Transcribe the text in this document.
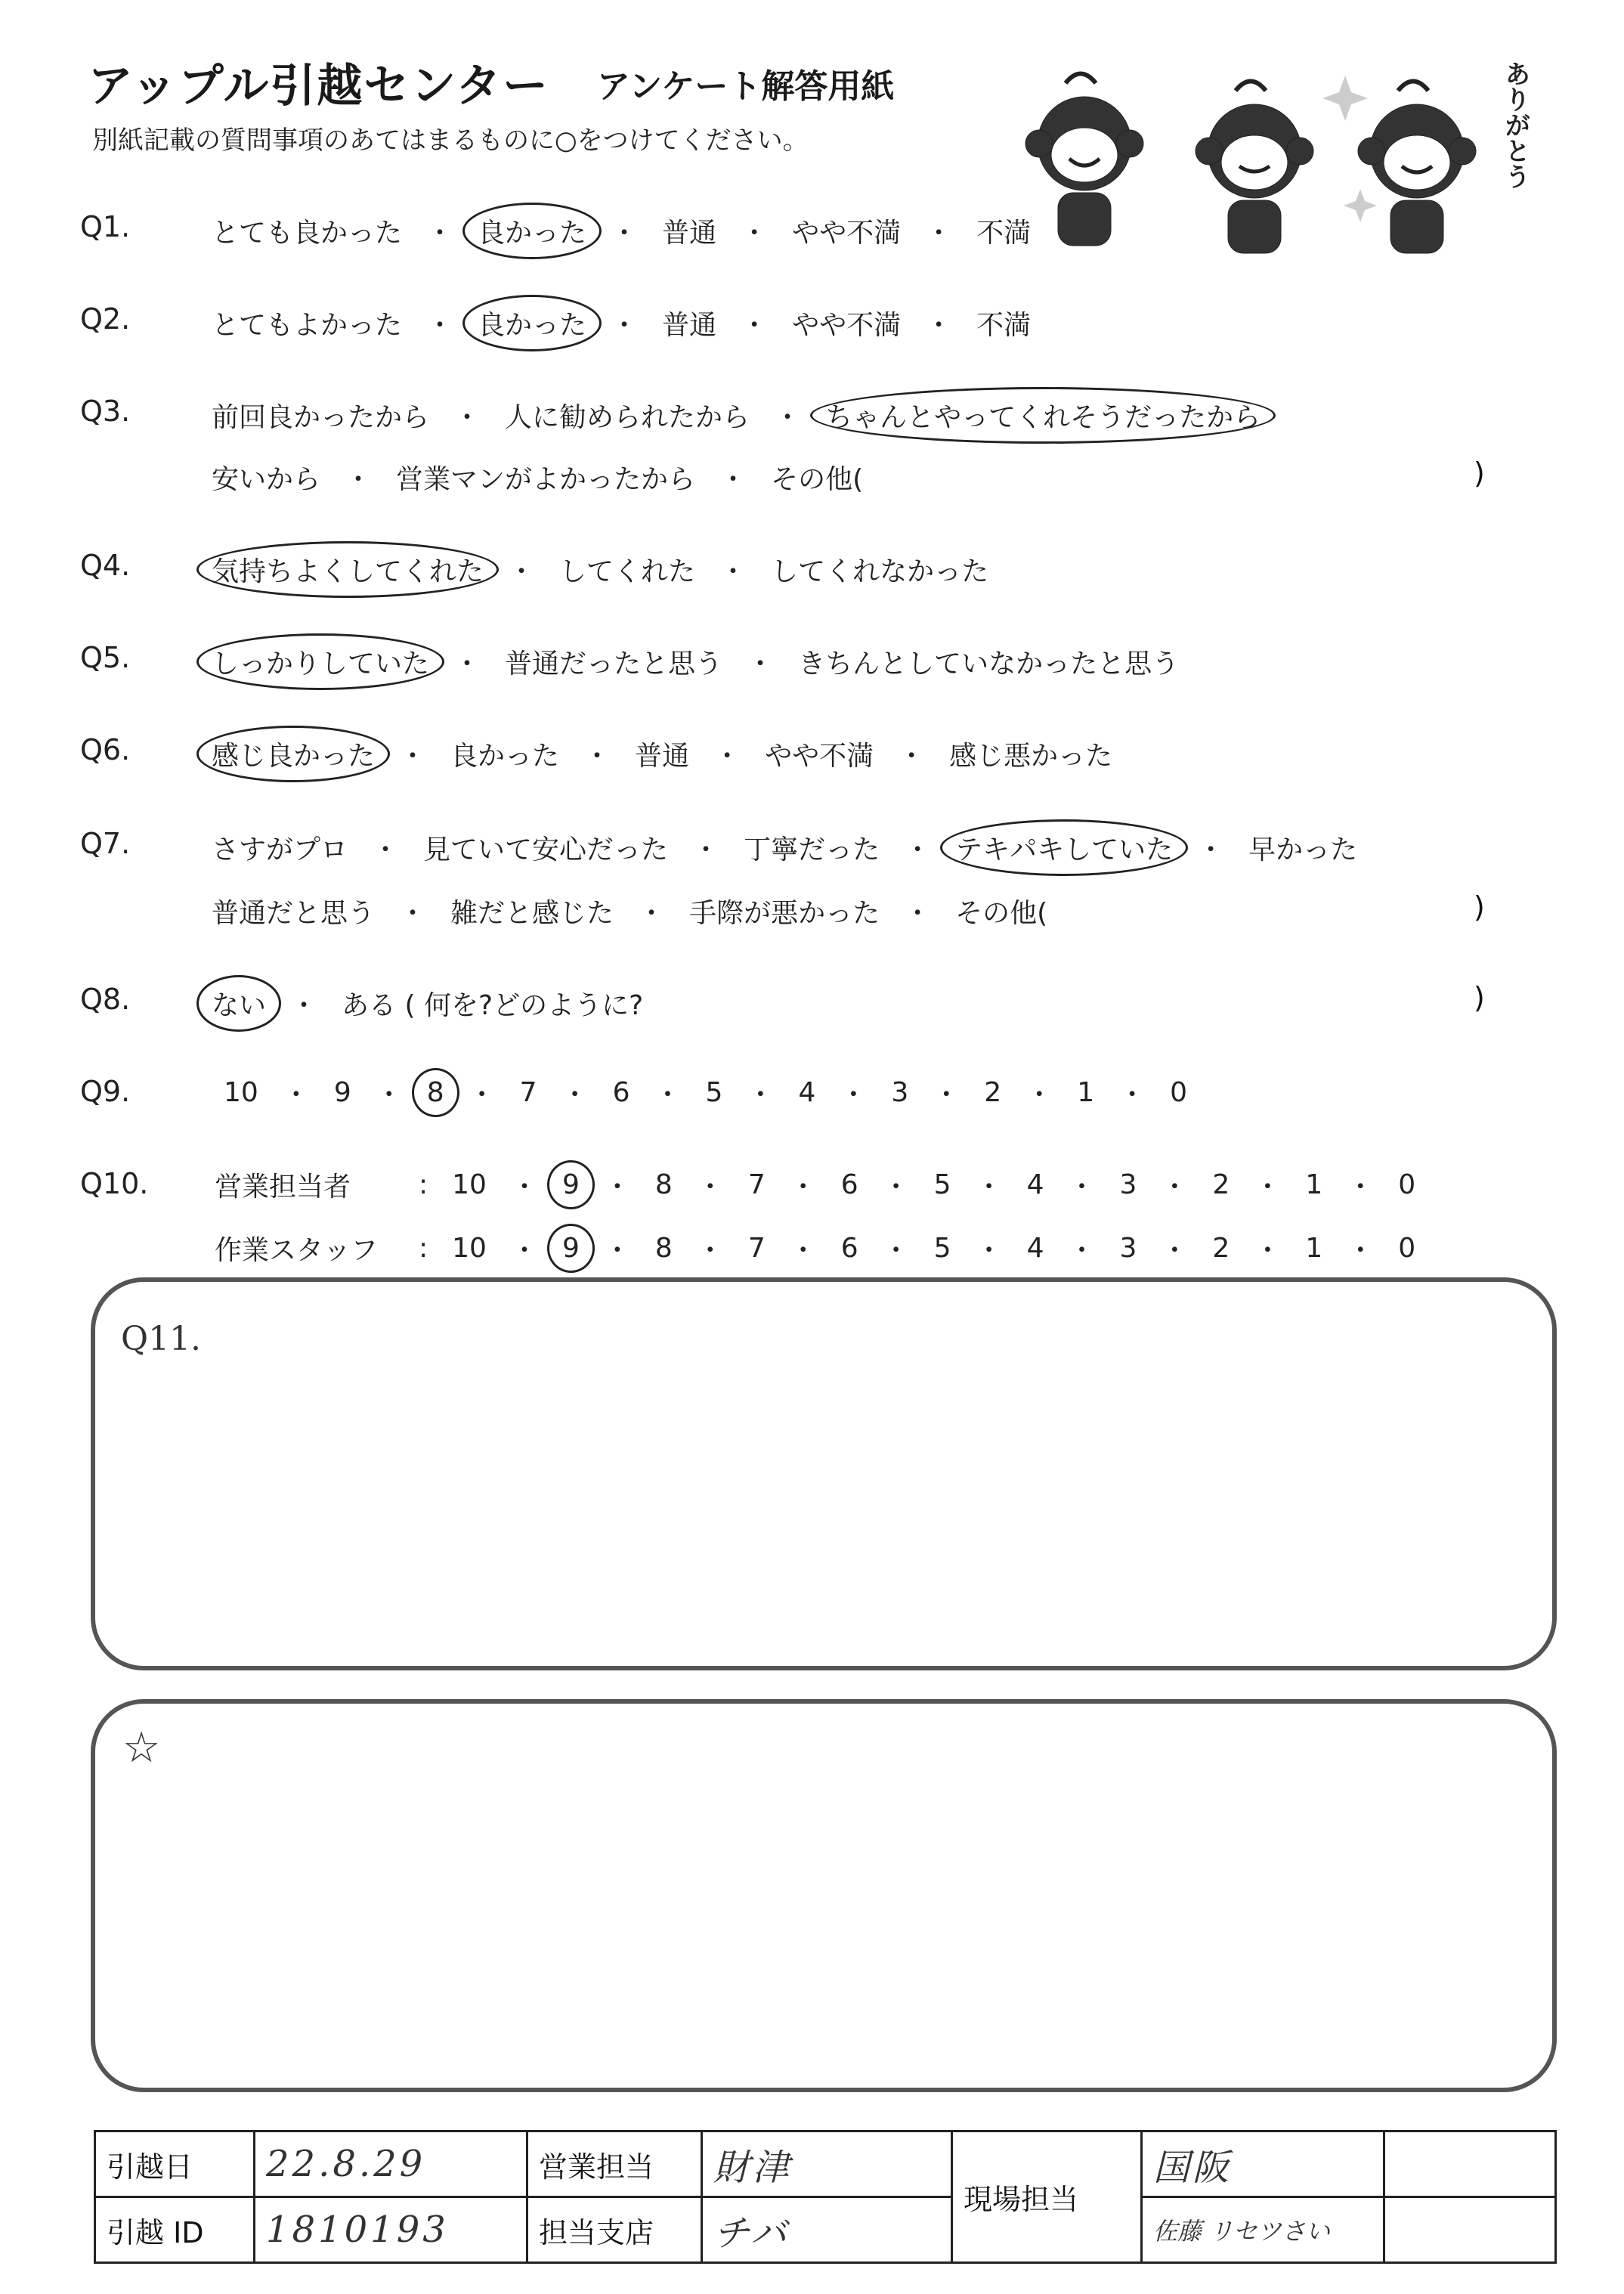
アップル引越センター アンケート解答用紙
別紙記載の質問事項のあてはまるものに○をつけてください。	ありがとう
Q1.	とても良かった ・ 良かった ・ 普通 ・ やや不満 ・ 不満
Q2.	とてもよかった ・ 良かった ・ 普通 ・ やや不満 ・ 不満
Q3.	前回良かったから ・ 人に勧められたから ・ ちゃんとやってくれそうだったから
安いから ・ 営業マンがよかったから ・ その他(	)
Q4.	気持ちよくしてくれた ・ してくれた ・ してくれなかった
Q5.	しっかりしていた ・ 普通だったと思う ・ きちんとしていなかったと思う
Q6.	感じ良かった ・ 良かった ・ 普通 ・ やや不満 ・ 感じ悪かった
Q7.	さすがプロ ・ 見ていて安心だった ・ 丁寧だった ・ テキパキしていた ・ 早かった
普通だと思う ・ 雑だと感じた ・ 手際が悪かった ・ その他(	)
Q8.	ない ・ ある ( 何を?どのように?	)
Q9.	10 ・ 9 ・ 8 ・ 7 ・ 6 ・ 5 ・ 4 ・ 3 ・ 2 ・ 1 ・ 0
Q10. 営業担当者	: 10 ・ 9 ・ 8 ・ 7 ・ 6 ・ 5 ・ 4 ・ 3 ・ 2 ・ 1 ・ 0
作業スタッフ	: 10 ・ 9 ・ 8 ・ 7 ・ 6 ・ 5 ・ 4 ・ 3 ・ 2 ・ 1 ・ 0
Q11.
☆
引越日	22.8.29	営業担当	財津	現場担当	国阪	
引越 ID	1810193	担当支店	チバ		佐藤 リセツさい	
